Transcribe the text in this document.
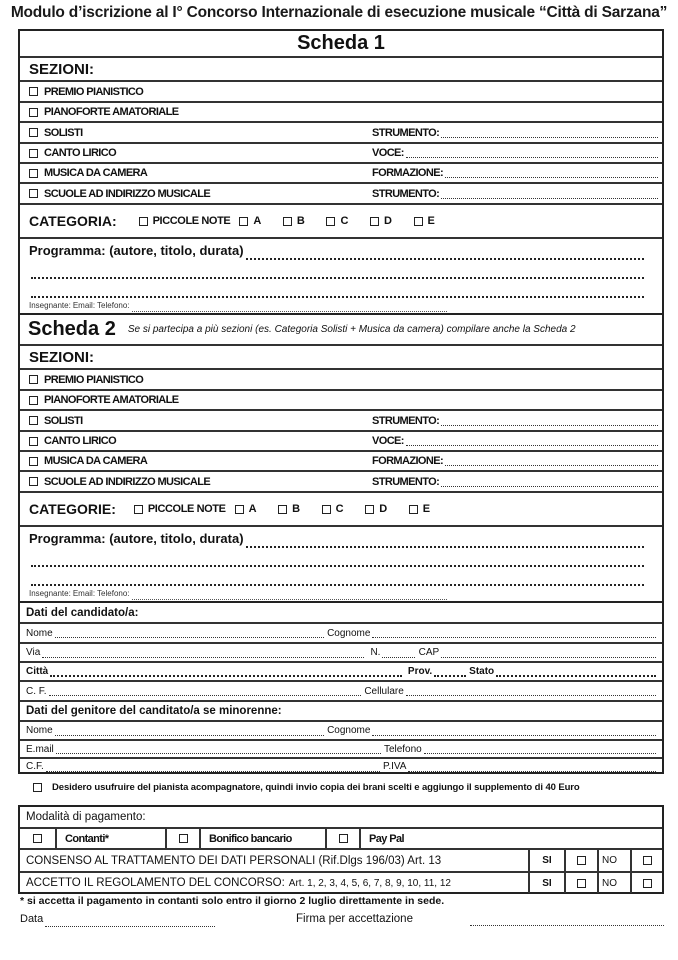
Modulo d’iscrizione al I° Concorso Internazionale di esecuzione musicale “Città di Sarzana”
Scheda 1
SEZIONI:
PREMIO PIANISTICO
PIANOFORTE AMATORIALE
SOLISTI	STRUMENTO:
CANTO LIRICO	VOCE:
MUSICA DA CAMERA	FORMAZIONE:
SCUOLE AD INDIRIZZO MUSICALE	STRUMENTO:
CATEGORIA:	PICCOLE NOTE A	B	C	D	E
Programma: (autore, titolo, durata)
Insegnante: Email: Telefono:
Scheda 2 Se si partecipa a più sezioni (es. Categoria Solisti + Musica da camera) compilare anche la Scheda 2
SEZIONI:
PREMIO PIANISTICO
PIANOFORTE AMATORIALE
SOLISTI	STRUMENTO:
CANTO LIRICO	VOCE:
MUSICA DA CAMERA	FORMAZIONE:
SCUOLE AD INDIRIZZO MUSICALE	STRUMENTO:
CATEGORIE:	PICCOLE NOTE A	B	C	D	E
Programma: (autore, titolo, durata)
Insegnante: Email: Telefono:
Dati del candidato/a:
Nome	Cognome
Via	N.	CAP
Città	Prov.	Stato
C. F.	Cellulare
Dati del genitore del canditato/a se minorenne:
Nome	Cognome
E.mail	Telefono
C.F.	P.IVA
Desidero usufruire del pianista acompagnatore, quindi invio copia dei brani scelti e aggiungo il supplemento di 40 Euro
Modalità di pagamento:
Contanti*	Bonifico bancario	Pay Pal
CONSENSO AL TRATTAMENTO DEI DATI PERSONALI (Rif.Dlgs 196/03) Art. 13	SI	NO
ACCETTO IL REGOLAMENTO DEL CONCORSO: Art. 1, 2, 3, 4, 5, 6, 7, 8, 9, 10, 11, 12	SI	NO
* si accetta il pagamento in contanti solo entro il giorno 2 luglio direttamente in sede.
Data	Firma per accettazione
